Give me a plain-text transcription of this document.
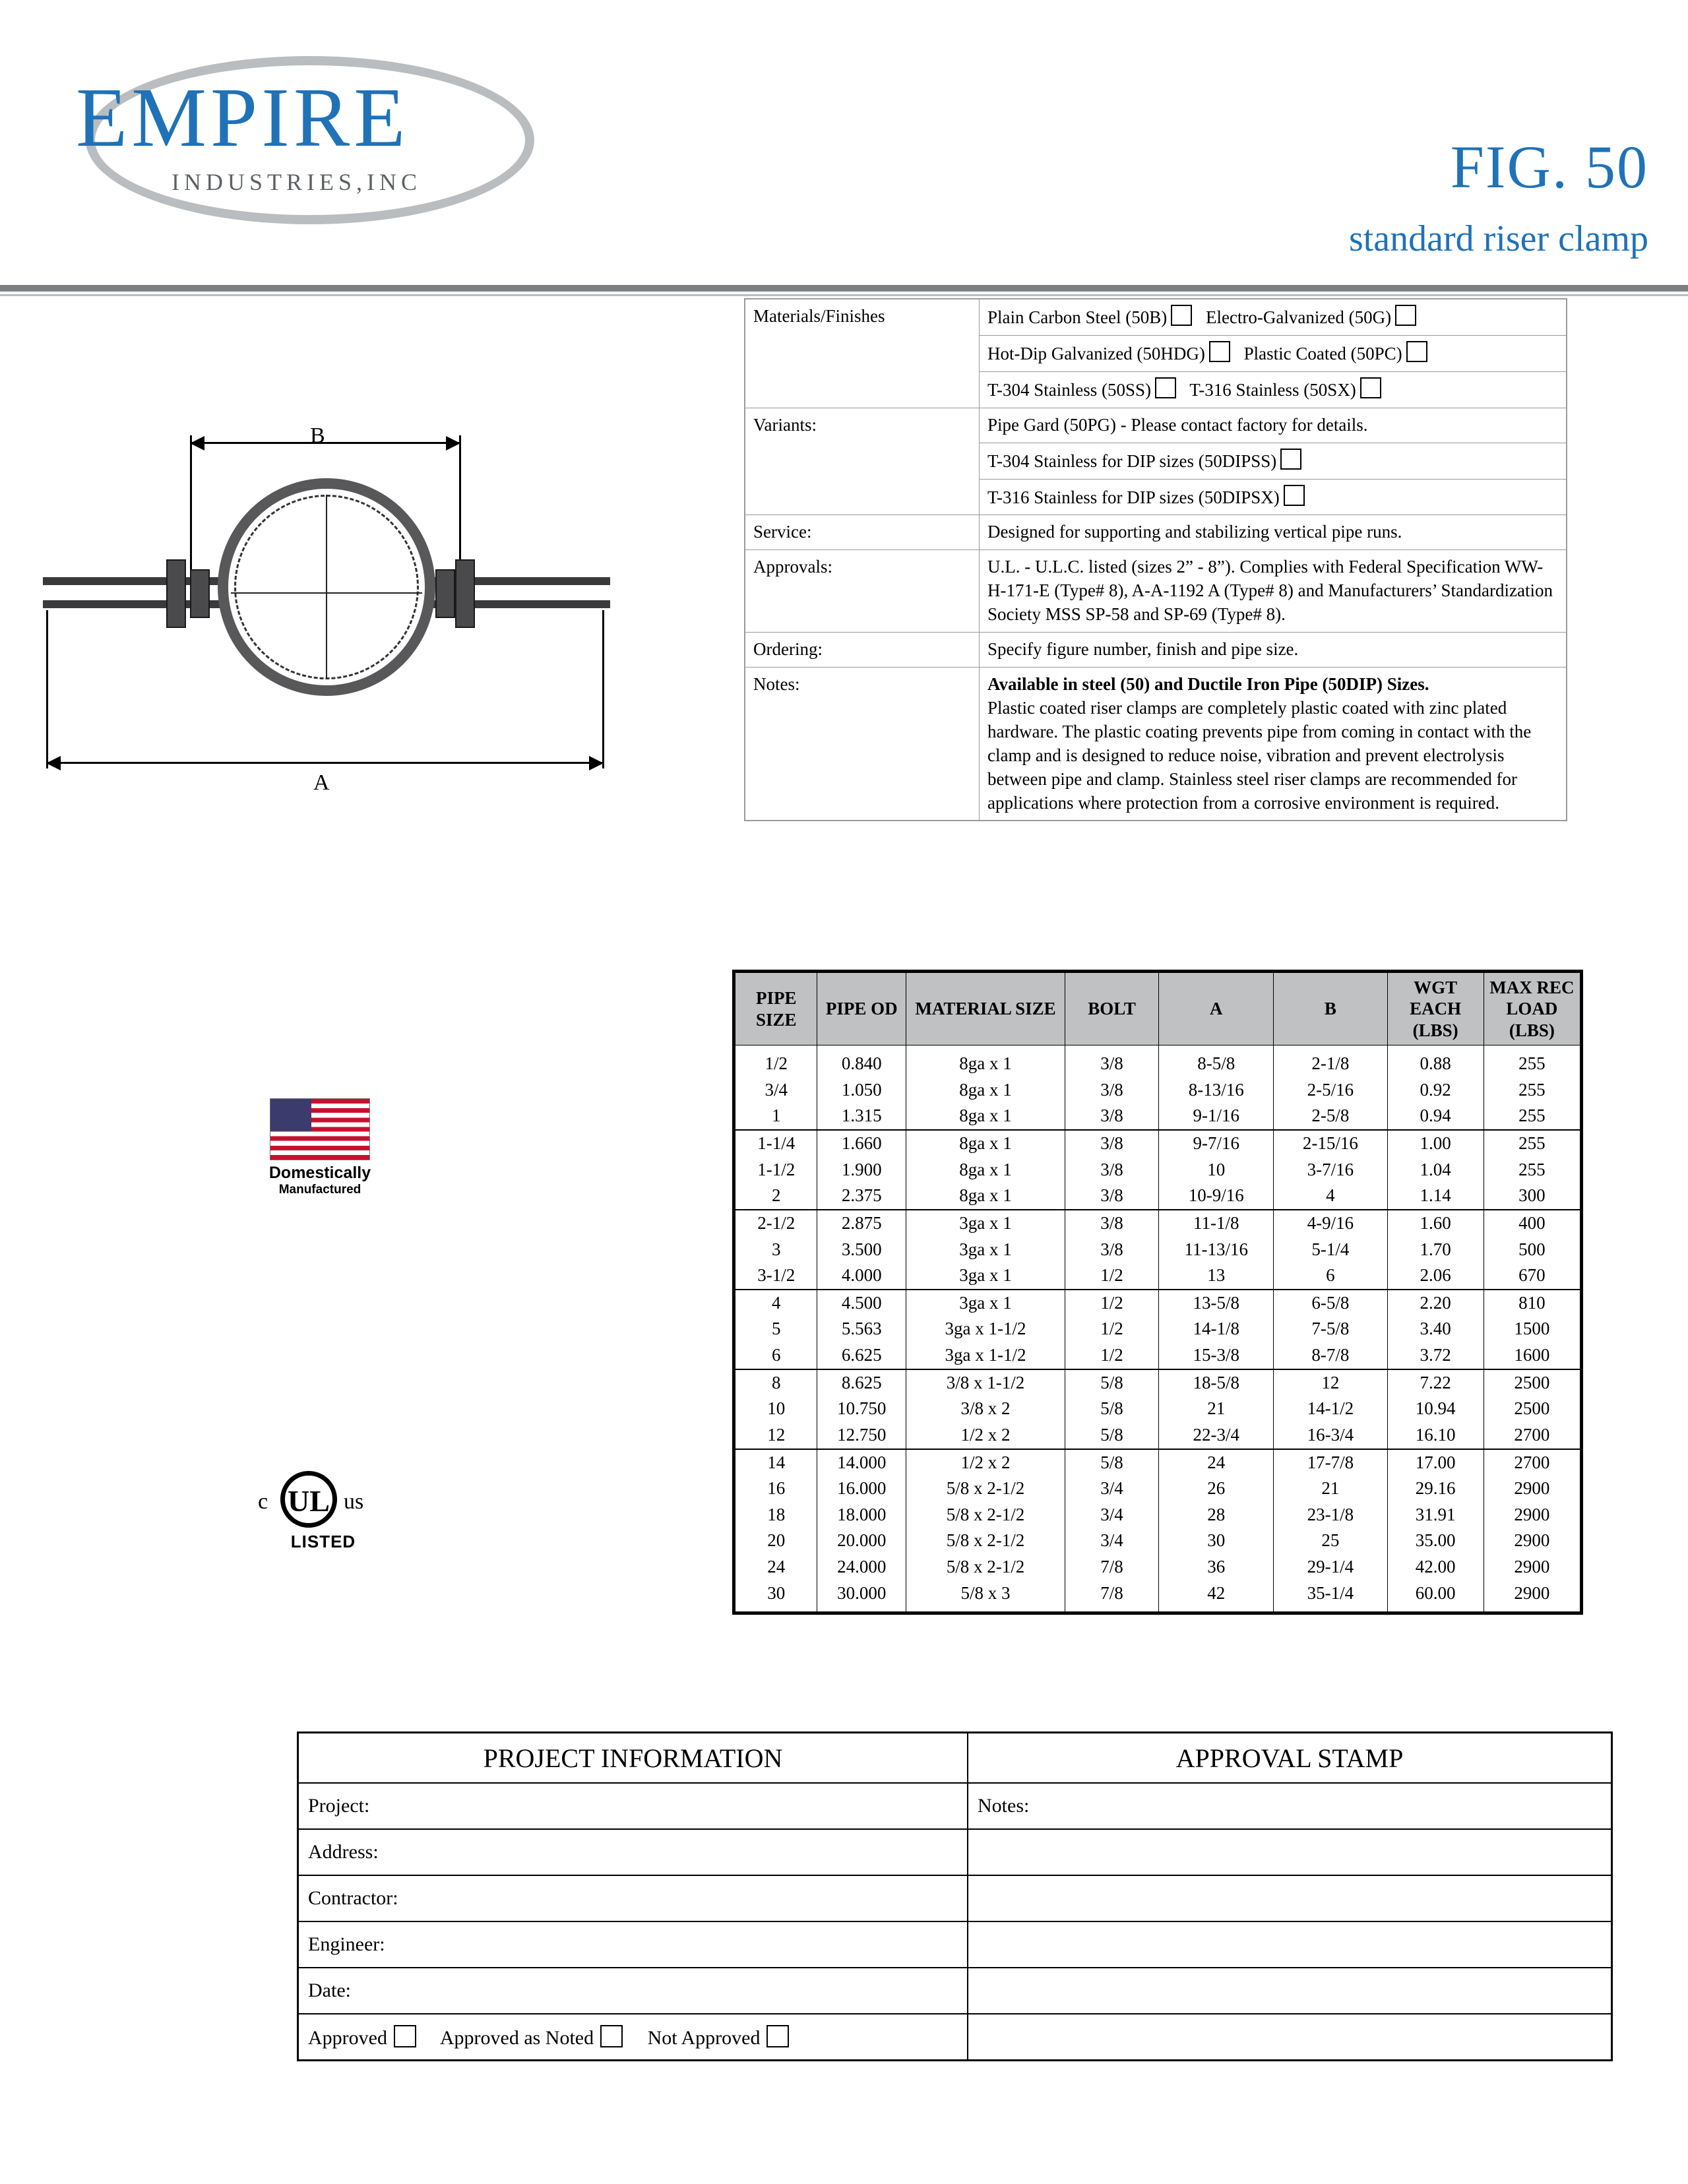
EMPIRE
INDUSTRIES,INC	FIG. 50
standard riser clamp
B
A
Domestically
Manufactured
c UL us
LISTED
Materials/Finishes	Plain Carbon Steel (50B) Electro-Galvanized (50G)
	Hot-Dip Galvanized (50HDG) Plastic Coated (50PC)
	T-304 Stainless (50SS) T-316 Stainless (50SX)
Variants:	Pipe Gard (50PG) - Please contact factory for details.
	T-304 Stainless for DIP sizes (50DIPSS)
	T-316 Stainless for DIP sizes (50DIPSX)
Service:	Designed for supporting and stabilizing vertical pipe runs.
Approvals:	U.L. - U.L.C. listed (sizes 2” - 8”). Complies with Federal Specification WW-H-171-E (Type# 8), A-A-1192 A (Type# 8) and Manufacturers’ Standardization Society MSS SP-58 and SP-69 (Type# 8).
Ordering:	Specify figure number, finish and pipe size.
Notes:	Available in steel (50) and Ductile Iron Pipe (50DIP) Sizes.
Plastic coated riser clamps are completely plastic coated with zinc plated hardware. The plastic coating prevents pipe from coming in contact with the clamp and is designed to reduce noise, vibration and prevent electrolysis between pipe and clamp. Stainless steel riser clamps are recommended for applications where protection from a corrosive environment is required.
PIPE SIZE	PIPE OD	MATERIAL SIZE	BOLT	A	B	WGT EACH (LBS)	MAX REC LOAD (LBS)
1/2	0.840	8ga x 1	3/8	8-5/8	2-1/8	0.88	255
3/4	1.050	8ga x 1	3/8	8-13/16	2-5/16	0.92	255
1	1.315	8ga x 1	3/8	9-1/16	2-5/8	0.94	255
1-1/4	1.660	8ga x 1	3/8	9-7/16	2-15/16	1.00	255
1-1/2	1.900	8ga x 1	3/8	10	3-7/16	1.04	255
2	2.375	8ga x 1	3/8	10-9/16	4	1.14	300
2-1/2	2.875	3ga x 1	3/8	11-1/8	4-9/16	1.60	400
3	3.500	3ga x 1	3/8	11-13/16	5-1/4	1.70	500
3-1/2	4.000	3ga x 1	1/2	13	6	2.06	670
4	4.500	3ga x 1	1/2	13-5/8	6-5/8	2.20	810
5	5.563	3ga x 1-1/2	1/2	14-1/8	7-5/8	3.40	1500
6	6.625	3ga x 1-1/2	1/2	15-3/8	8-7/8	3.72	1600
8	8.625	3/8 x 1-1/2	5/8	18-5/8	12	7.22	2500
10	10.750	3/8 x 2	5/8	21	14-1/2	10.94	2500
12	12.750	1/2 x 2	5/8	22-3/4	16-3/4	16.10	2700
14	14.000	1/2 x 2	5/8	24	17-7/8	17.00	2700
16	16.000	5/8 x 2-1/2	3/4	26	21	29.16	2900
18	18.000	5/8 x 2-1/2	3/4	28	23-1/8	31.91	2900
20	20.000	5/8 x 2-1/2	3/4	30	25	35.00	2900
24	24.000	5/8 x 2-1/2	7/8	36	29-1/4	42.00	2900
30	30.000	5/8 x 3	7/8	42	35-1/4	60.00	2900
PROJECT INFORMATION	APPROVAL STAMP
Project:	Notes:
Address:	
Contractor:	
Engineer:	
Date:	
Approved Approved as Noted Not Approved	
